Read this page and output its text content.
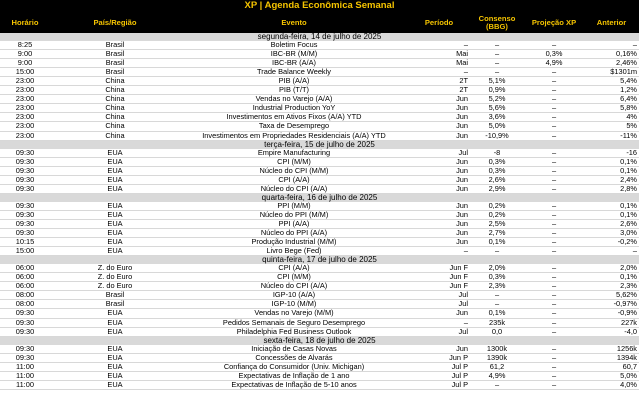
XP | Agenda Econômica Semanal
Horário	País/Região	Evento	Período	Consenso (BBG)	Projeção XP	Anterior
segunda-feira, 14 de julho de 2025						
8:25	Brasil	Boletim Focus	–	–	–	–
9:00	Brasil	IBC-BR (M/M)	Mai	–	0,3%	0,16%
9:00	Brasil	IBC-BR (A/A)	Mai	–	4,9%	2,46%
15:00	Brasil	Trade Balance Weekly	–	–	–	$1301m
23:00	China	PIB (A/A)	2T	5,1%	–	5,4%
23:00	China	PIB (T/T)	2T	0,9%	–	1,2%
23:00	China	Vendas no Varejo (A/A)	Jun	5,2%	–	6,4%
23:00	China	Industrial Production YoY	Jun	5,6%	–	5,8%
23:00	China	Investimentos em Ativos Fixos (A/A) YTD	Jun	3,6%	–	4%
23:00	China	Taxa de Desemprego	Jun	5,0%	–	5%
23:00	China	Investimentos em Propriedades Residenciais (A/A) YTD	Jun	-10,9%	–	-11%
terça-feira, 15 de julho de 2025						
09:30	EUA	Empire Manufacturing	Jul	-8	–	-16
09:30	EUA	CPI (M/M)	Jun	0,3%	–	0,1%
09:30	EUA	Núcleo do CPI (M/M)	Jun	0,3%	–	0,1%
09:30	EUA	CPI (A/A)	Jun	2,6%	–	2,4%
09:30	EUA	Núcleo do CPI (A/A)	Jun	2,9%	–	2,8%
quarta-feira, 16 de julho de 2025						
09:30	EUA	PPI (M/M)	Jun	0,2%	–	0,1%
09:30	EUA	Núcleo do PPI (M/M)	Jun	0,2%	–	0,1%
09:30	EUA	PPI (A/A)	Jun	2,5%	–	2,6%
09:30	EUA	Núcleo do PPI (A/A)	Jun	2,7%	–	3,0%
10:15	EUA	Produção Industrial (M/M)	Jun	0,1%	–	-0,2%
15:00	EUA	Livro Bege (Fed)	–	–	–	–
quinta-feira, 17 de julho de 2025						
06:00	Z. do Euro	CPI (A/A)	Jun F	2,0%	–	2,0%
06:00	Z. do Euro	CPI (M/M)	Jun F	0,3%	–	0,1%
06:00	Z. do Euro	Núcleo do CPI (A/A)	Jun F	2,3%	–	2,3%
08:00	Brasil	IGP-10 (A/A)	Jul	–	–	5,62%
08:00	Brasil	IGP-10 (M/M)	Jul	–	–	-0,97%
09:30	EUA	Vendas no Varejo (M/M)	Jun	0,1%	–	-0,9%
09:30	EUA	Pedidos Semanais de Seguro Desemprego	–	235k	–	227k
09:30	EUA	Philadelphia Fed Business Outlook	Jul	0,0	–	-4,0
sexta-feira, 18 de julho de 2025						
09:30	EUA	Iniciação de Casas Novas	Jun	1300k	–	1256k
09:30	EUA	Concessões de Alvarás	Jun P	1390k	–	1394k
11:00	EUA	Confiança do Consumidor (Univ. Michigan)	Jul P	61,2	–	60,7
11:00	EUA	Expectativas de Inflação de 1 ano	Jul P	4,9%	–	5,0%
11:00	EUA	Expectativas de Inflação de 5-10 anos	Jul P	–	–	4,0%
